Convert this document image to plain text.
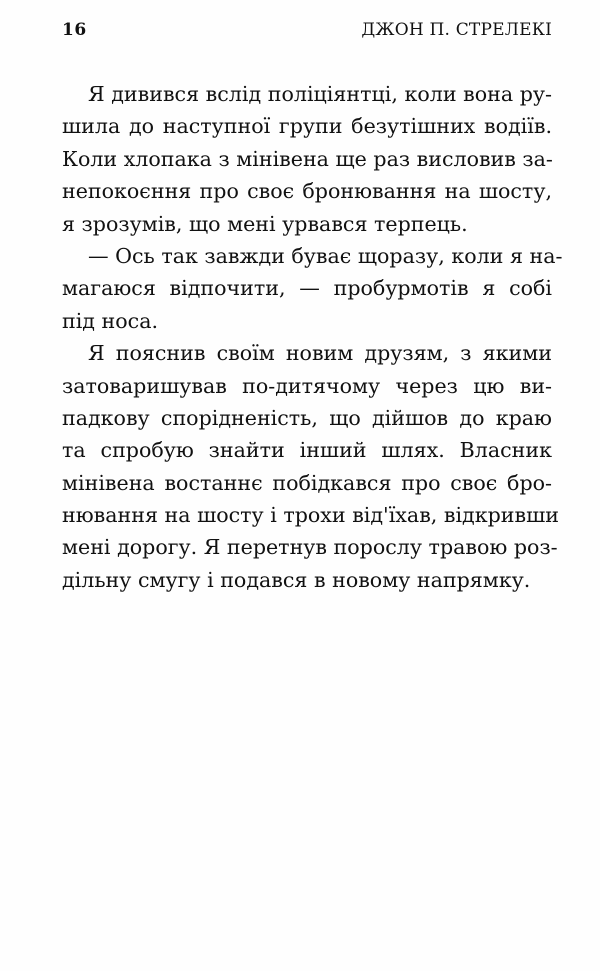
16	ДЖОН П. СТРЕЛЕКІ
Я дивився вслід поліціянтці, коли вона ру-
шила до наступної групи безутішних водіїв.
Коли хлопака з мінівена ще раз висловив за-
непокоєння про своє бронювання на шосту,
я зрозумів, що мені урвався терпець.
— Ось так завжди буває щоразу, коли я на-
магаюся відпочити, — пробурмотів я собі
під носа.
Я пояснив своїм новим друзям, з якими
затоваришував по-дитячому через цю ви-
падкову спорідненість, що дійшов до краю
та спробую знайти інший шлях. Власник
мінівена востаннє побідкався про своє бро-
нювання на шосту і трохи від'їхав, відкривши
мені дорогу. Я перетнув порослу травою роз-
дільну смугу і подався в новому напрямку.
